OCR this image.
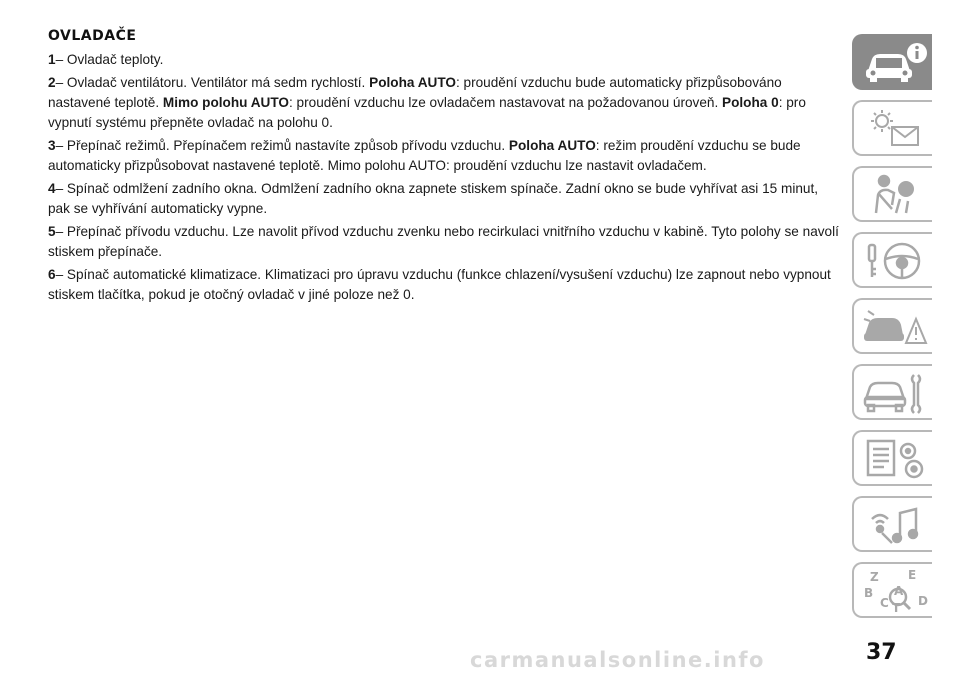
OVLADAČE

1– Ovladač teploty.

2– Ovladač ventilátoru. Ventilátor má sedm rychlostí. Poloha AUTO: proudění vzduchu bude automaticky přizpůsobováno nastavené teplotě. Mimo polohu AUTO: proudění vzduchu lze ovladačem nastavovat na požadovanou úroveň. Poloha 0: pro vypnutí systému přepněte ovladač na polohu 0.

3– Přepínač režimů. Přepínačem režimů nastavíte způsob přívodu vzduchu. Poloha AUTO: režim proudění vzduchu se bude automaticky přizpůsobovat nastavené teplotě. Mimo polohu AUTO: proudění vzduchu lze nastavit ovladačem.

4– Spínač odmlžení zadního okna. Odmlžení zadního okna zapnete stiskem spínače. Zadní okno se bude vyhřívat asi 15 minut, pak se vyhřívání automaticky vypne.

5– Přepínač přívodu vzduchu. Lze navolit přívod vzduchu zvenku nebo recirkulaci vnitřního vzduchu v kabině. Tyto polohy se navolí stiskem přepínače.

6– Spínač automatické klimatizace. Klimatizaci pro úpravu vzduchu (funkce chlazení/vysušení vzduchu) lze zapnout nebo vypnout stiskem tlačítka, pokud je otočný ovladač v jiné poloze než 0.

Z E
B A
C D
T
carmanualsonline.info	37
